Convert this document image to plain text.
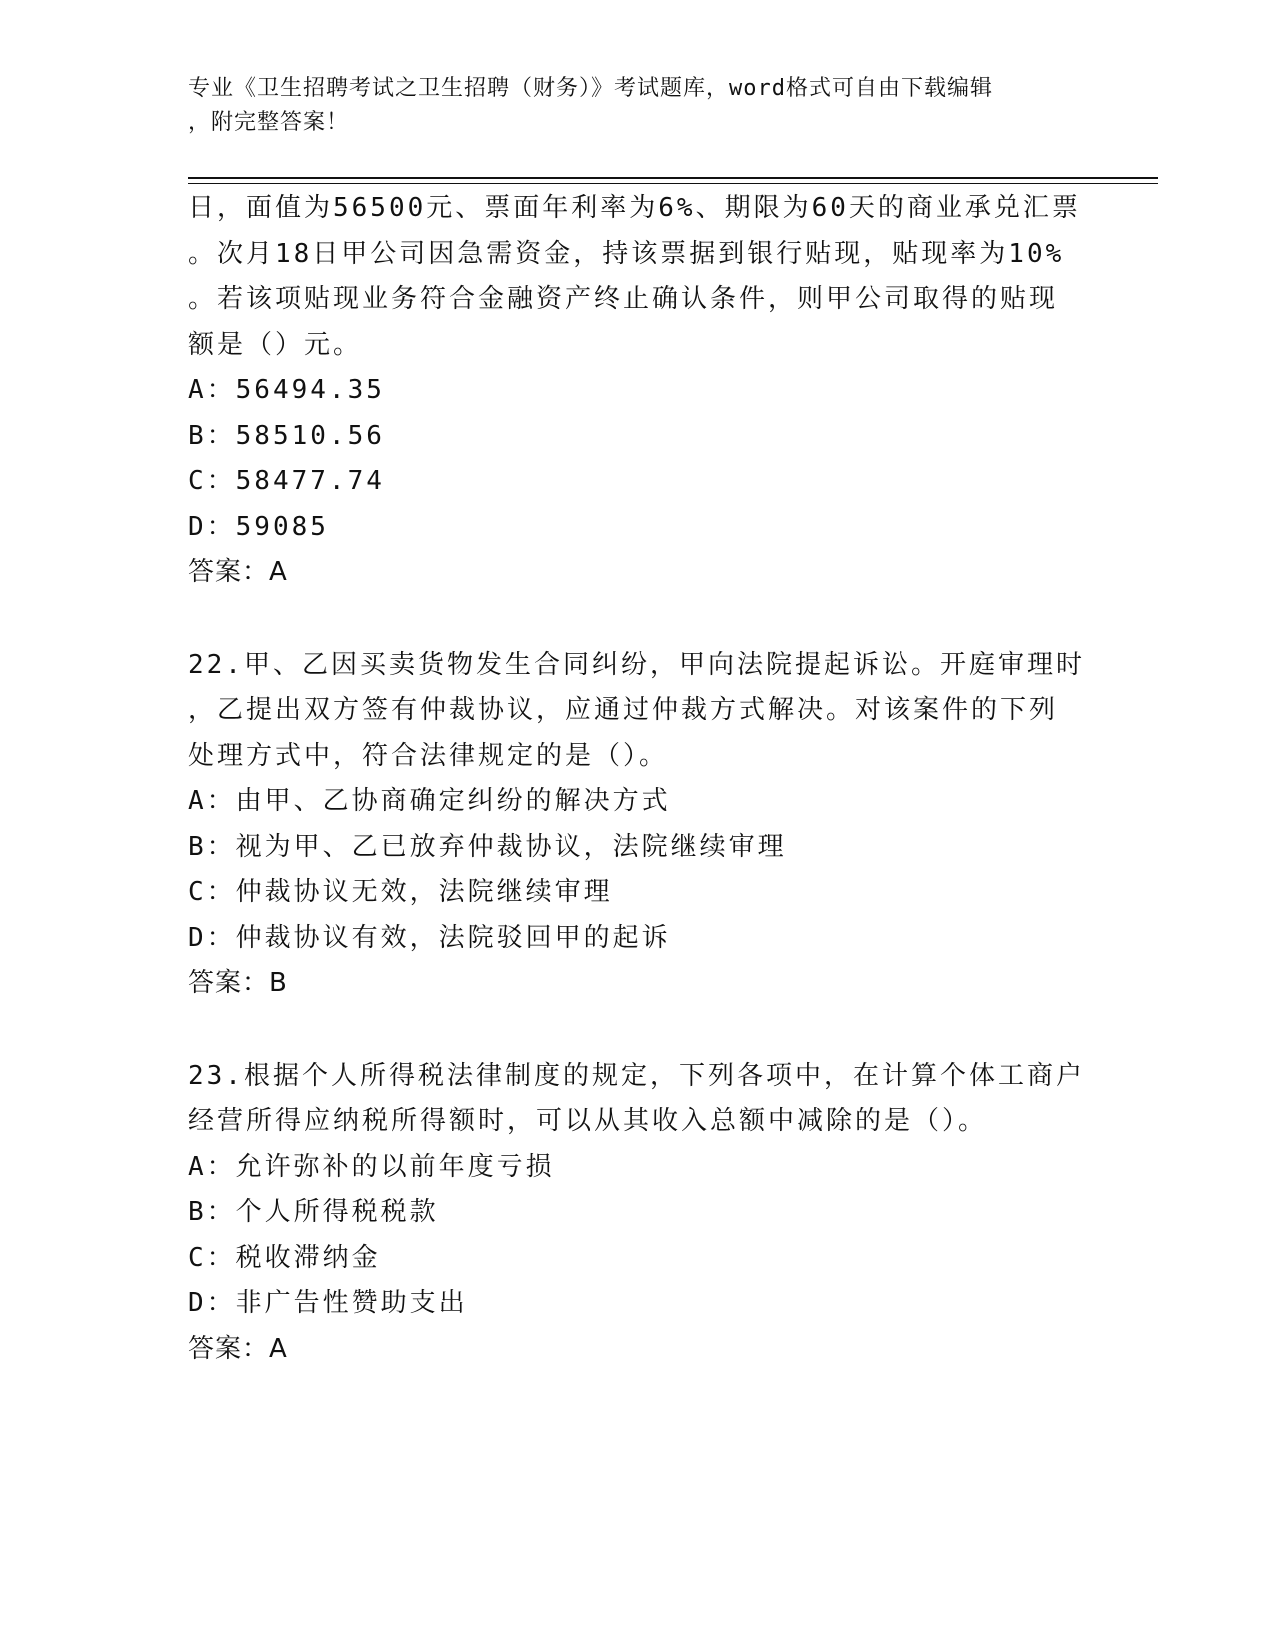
专业《卫生招聘考试之卫生招聘（财务）》考试题库，word格式可自由下载编辑
，附完整答案！
日，面值为56500元、票面年利率为6%、期限为60天的商业承兑汇票
。次月18日甲公司因急需资金，持该票据到银行贴现，贴现率为10%
。若该项贴现业务符合金融资产终止确认条件，则甲公司取得的贴现
额是（）元。
A：56494.35
B：58510.56
C：58477.74
D：59085
答案：A
22.甲、乙因买卖货物发生合同纠纷，甲向法院提起诉讼。开庭审理时
，乙提出双方签有仲裁协议，应通过仲裁方式解决。对该案件的下列
处理方式中，符合法律规定的是（）。
A：由甲、乙协商确定纠纷的解决方式
B：视为甲、乙已放弃仲裁协议，法院继续审理
C：仲裁协议无效，法院继续审理
D：仲裁协议有效，法院驳回甲的起诉
答案：B
23.根据个人所得税法律制度的规定，下列各项中，在计算个体工商户
经营所得应纳税所得额时，可以从其收入总额中减除的是（）。
A：允许弥补的以前年度亏损
B：个人所得税税款
C：税收滞纳金
D：非广告性赞助支出
答案：A
